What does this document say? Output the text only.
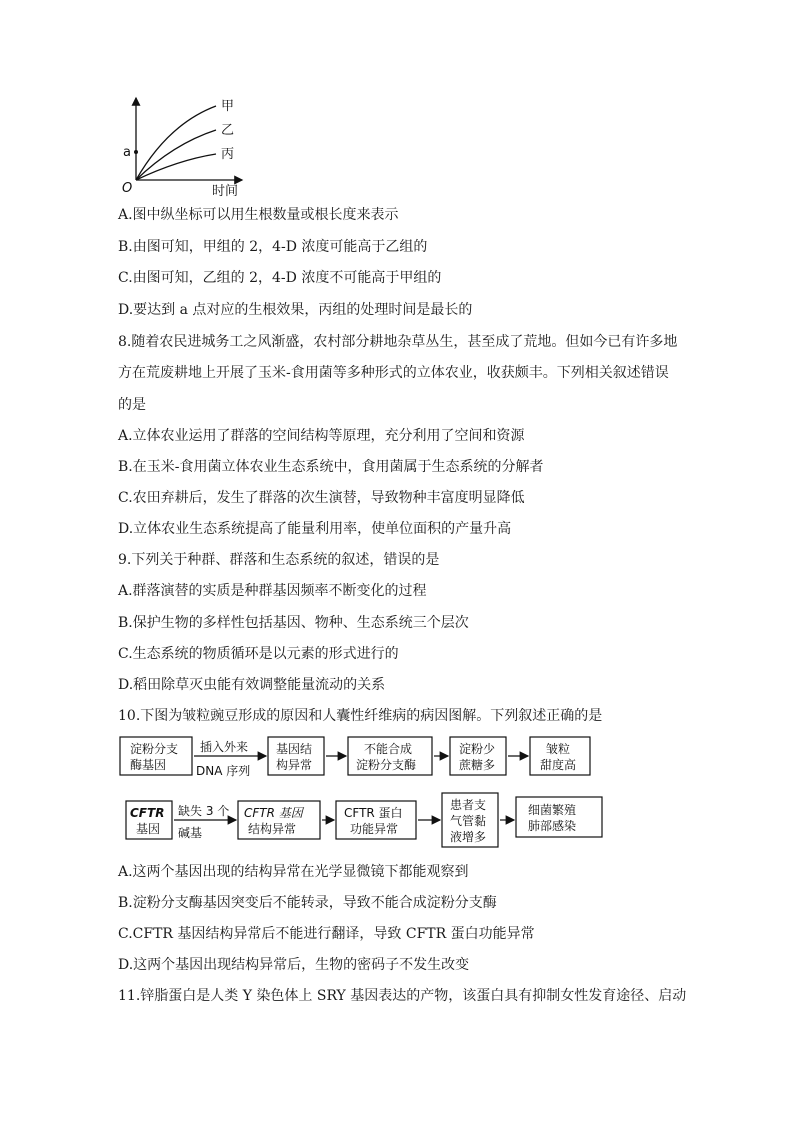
a
O	时间
甲
乙
丙
A.图中纵坐标可以用生根数量或根长度来表示
B.由图可知，甲组的 2，4-D 浓度可能高于乙组的
C.由图可知，乙组的 2，4-D 浓度不可能高于甲组的
D.要达到 a 点对应的生根效果，丙组的处理时间是最长的
8.随着农民进城务工之风渐盛，农村部分耕地杂草丛生，甚至成了荒地。但如今已有许多地
方在荒废耕地上开展了玉米-食用菌等多种形式的立体农业，收获颇丰。下列相关叙述错误
的是
A.立体农业运用了群落的空间结构等原理，充分利用了空间和资源
B.在玉米-食用菌立体农业生态系统中，食用菌属于生态系统的分解者
C.农田弃耕后，发生了群落的次生演替，导致物种丰富度明显降低
D.立体农业生态系统提高了能量利用率，使单位面积的产量升高
9.下列关于种群、群落和生态系统的叙述，错误的是
A.群落演替的实质是种群基因频率不断变化的过程
B.保护生物的多样性包括基因、物种、生态系统三个层次
C.生态系统的物质循环是以元素的形式进行的
D.稻田除草灭虫能有效调整能量流动的关系
10.下图为皱粒豌豆形成的原因和人囊性纤维病的病因图解。下列叙述正确的是
淀粉分支
酶基因
插入外来
DNA 序列
基因结
构异常
不能合成
淀粉分支酶
淀粉少
蔗糖多
皱粒
甜度高
CFTR
基因
缺失 3 个
碱基
CFTR 基因
结构异常
CFTR 蛋白
功能异常
患者支
气管黏
液增多
细菌繁殖
肺部感染
A.这两个基因出现的结构异常在光学显微镜下都能观察到
B.淀粉分支酶基因突变后不能转录，导致不能合成淀粉分支酶
C.CFTR 基因结构异常后不能进行翻译，导致 CFTR 蛋白功能异常
D.这两个基因出现结构异常后，生物的密码子不发生改变
11.锌脂蛋白是人类 Y 染色体上 SRY 基因表达的产物，该蛋白具有抑制女性发育途径、启动
